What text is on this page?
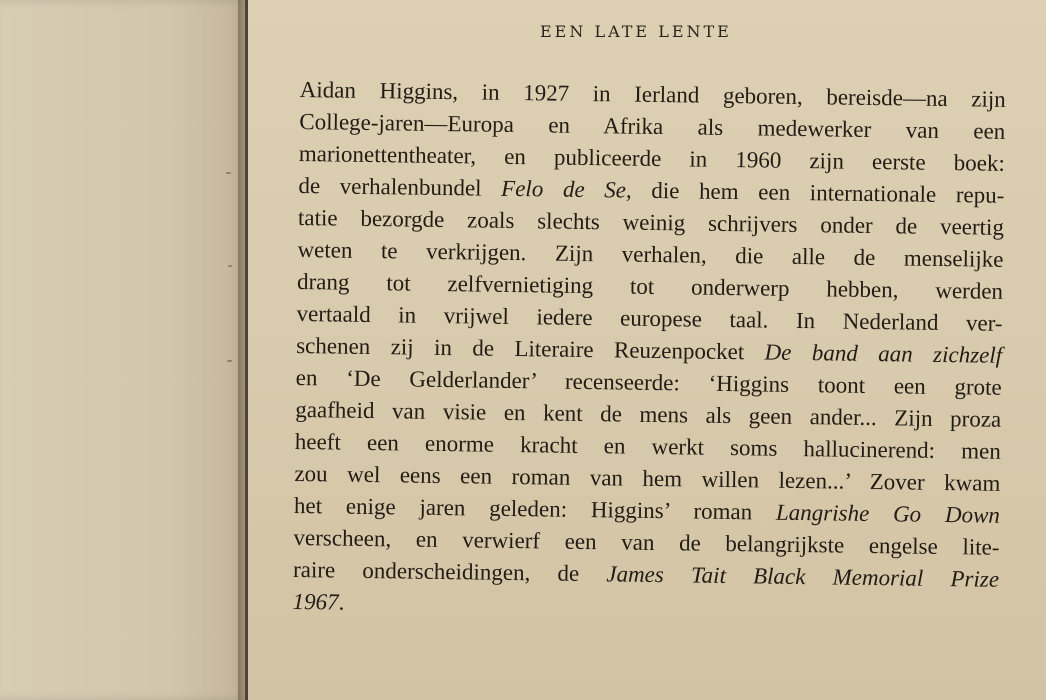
EEN LATE LENTE

Aidan Higgins, in 1927 in Ierland geboren, bereisde—na zijn
College-jaren—Europa en Afrika als medewerker van een
marionettentheater, en publiceerde in 1960 zijn eerste boek:
de verhalenbundel Felo de Se, die hem een internationale repu-
tatie bezorgde zoals slechts weinig schrijvers onder de veertig
weten te verkrijgen. Zijn verhalen, die alle de menselijke
drang tot zelfvernietiging tot onderwerp hebben, werden
vertaald in vrijwel iedere europese taal. In Nederland ver-
schenen zij in de Literaire Reuzenpocket De band aan zichzelf
en ‘De Gelderlander’ recenseerde: ‘Higgins toont een grote
gaafheid van visie en kent de mens als geen ander... Zijn proza
heeft een enorme kracht en werkt soms hallucinerend: men
zou wel eens een roman van hem willen lezen...’ Zover kwam
het enige jaren geleden: Higgins’ roman Langrishe Go Down
verscheen, en verwierf een van de belangrijkste engelse lite-
raire onderscheidingen, de James Tait Black Memorial Prize
1967.
